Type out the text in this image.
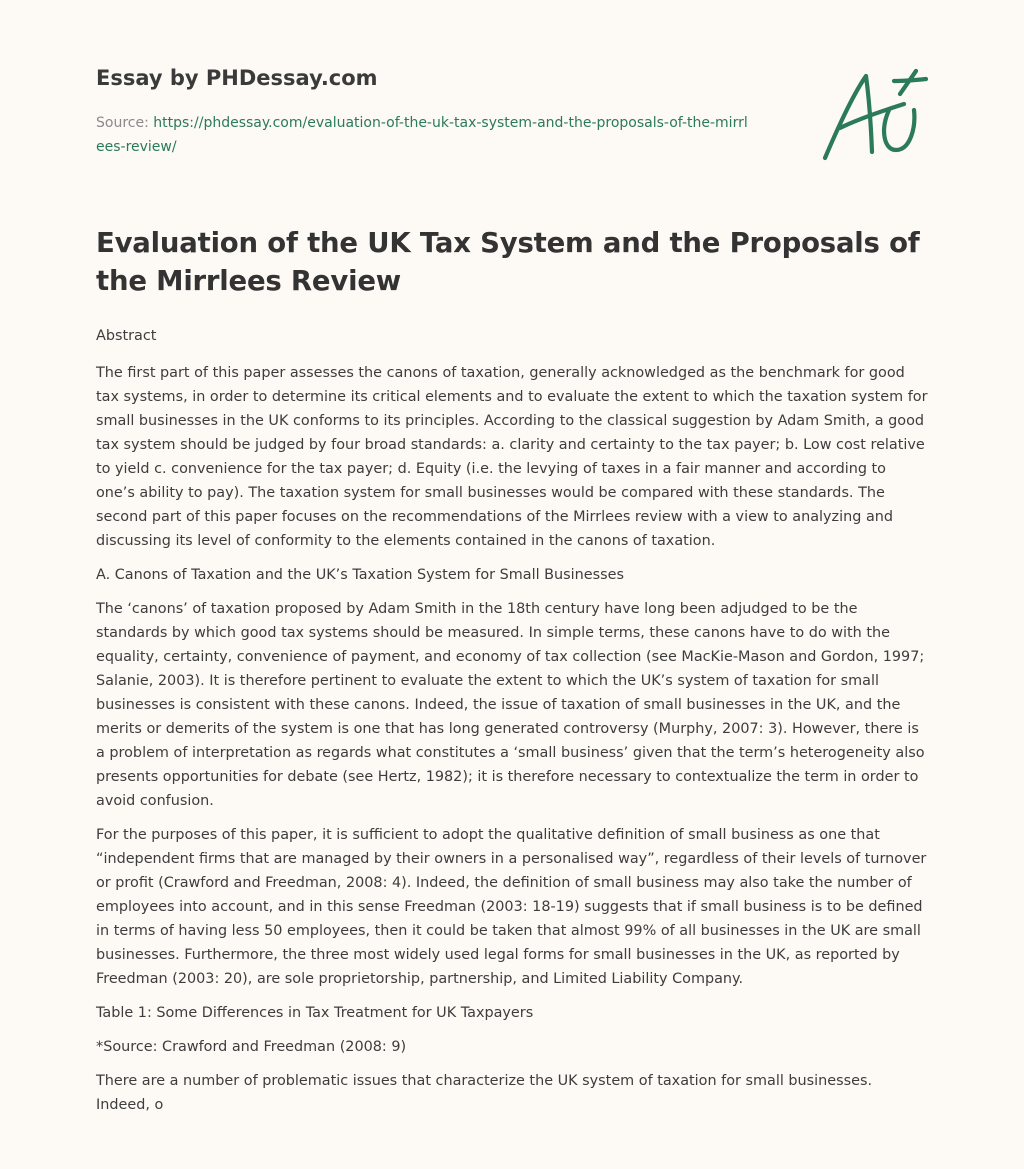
Essay by PHDessay.com
Source: https://phdessay.com/evaluation-of-the-uk-tax-system-and-the-proposals-of-the-mirrlees-review/
Evaluation of the UK Tax System and the Proposals of the Mirrlees Review

Abstract

The first part of this paper assesses the canons of taxation, generally acknowledged as the benchmark for good tax systems, in order to determine its critical elements and to evaluate the extent to which the taxation system for small businesses in the UK conforms to its principles. According to the classical suggestion by Adam Smith, a good tax system should be judged by four broad standards: a. clarity and certainty to the tax payer; b. Low cost relative to yield c. convenience for the tax payer; d. Equity (i.e. the levying of taxes in a fair manner and according to one’s ability to pay). The taxation system for small businesses would be compared with these standards. The second part of this paper focuses on the recommendations of the Mirrlees review with a view to analyzing and discussing its level of conformity to the elements contained in the canons of taxation.

A. Canons of Taxation and the UK’s Taxation System for Small Businesses

The ‘canons’ of taxation proposed by Adam Smith in the 18th century have long been adjudged to be the standards by which good tax systems should be measured. In simple terms, these canons have to do with the equality, certainty, convenience of payment, and economy of tax collection (see MacKie-Mason and Gordon, 1997; Salanie, 2003). It is therefore pertinent to evaluate the extent to which the UK’s system of taxation for small businesses is consistent with these canons. Indeed, the issue of taxation of small businesses in the UK, and the merits or demerits of the system is one that has long generated controversy (Murphy, 2007: 3). However, there is a problem of interpretation as regards what constitutes a ‘small business’ given that the term’s heterogeneity also presents opportunities for debate (see Hertz, 1982); it is therefore necessary to contextualize the term in order to avoid confusion.

For the purposes of this paper, it is sufficient to adopt the qualitative definition of small business as one that “independent firms that are managed by their owners in a personalised way”, regardless of their levels of turnover or profit (Crawford and Freedman, 2008: 4). Indeed, the definition of small business may also take the number of employees into account, and in this sense Freedman (2003: 18-19) suggests that if small business is to be defined in terms of having less 50 employees, then it could be taken that almost 99% of all businesses in the UK are small businesses. Furthermore, the three most widely used legal forms for small businesses in the UK, as reported by Freedman (2003: 20), are sole proprietorship, partnership, and Limited Liability Company.

Table 1: Some Differences in Tax Treatment for UK Taxpayers

*Source: Crawford and Freedman (2008: 9)

There are a number of problematic issues that characterize the UK system of taxation for small businesses. Indeed, o
